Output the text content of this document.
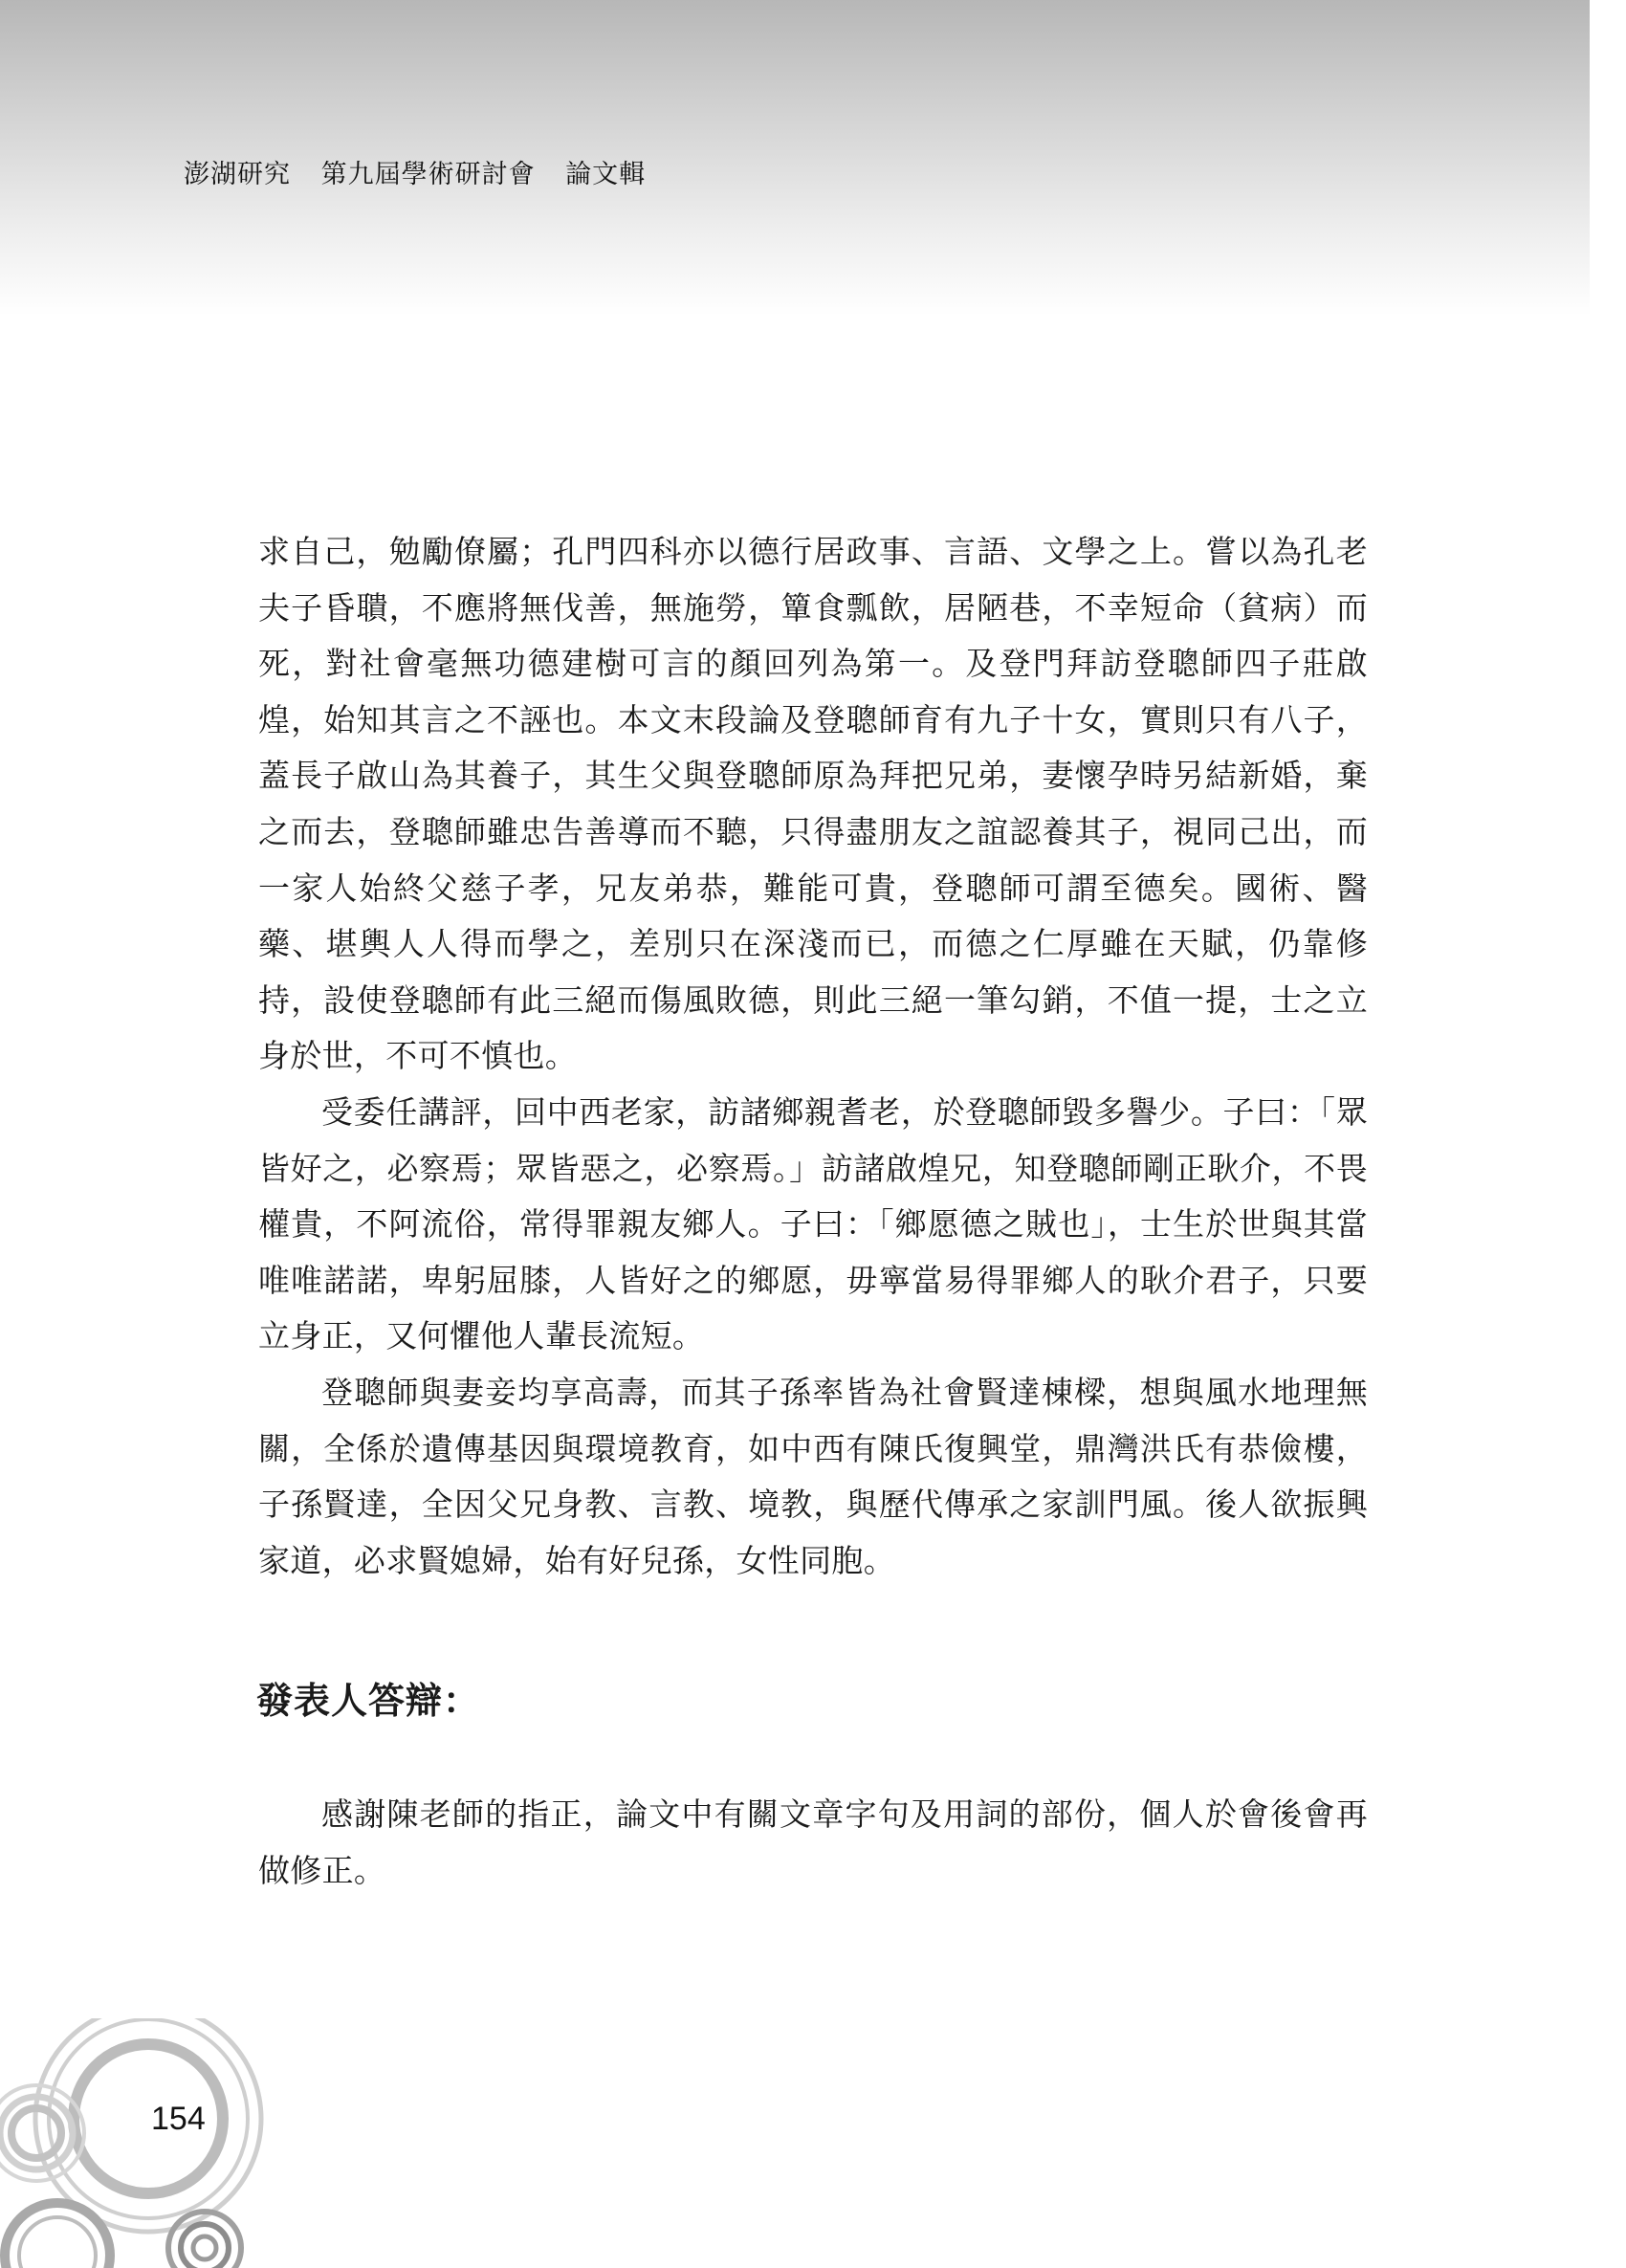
澎湖研究 第九屆學術研討會 論文輯

求自己，勉勵僚屬；孔門四科亦以德行居政事、言語、文學之上。嘗以為孔老夫子昏聵，不應將無伐善，無施勞，簞食瓢飲，居陋巷，不幸短命（貧病）而死，對社會毫無功德建樹可言的顏回列為第一。及登門拜訪登聰師四子莊啟煌，始知其言之不誣也。本文末段論及登聰師育有九子十女，實則只有八子，蓋長子啟山為其養子，其生父與登聰師原為拜把兄弟，妻懷孕時另結新婚，棄之而去，登聰師雖忠告善導而不聽，只得盡朋友之誼認養其子，視同己出，而一家人始終父慈子孝，兄友弟恭，難能可貴，登聰師可謂至德矣。國術、醫藥、堪輿人人得而學之，差別只在深淺而已，而德之仁厚雖在天賦，仍靠修持，設使登聰師有此三絕而傷風敗德，則此三絕一筆勾銷，不值一提，士之立身於世，不可不慎也。

受委任講評，回中西老家，訪諸鄉親耆老，於登聰師毀多譽少。子曰：「眾皆好之，必察焉；眾皆惡之，必察焉。」訪諸啟煌兄，知登聰師剛正耿介，不畏權貴，不阿流俗，常得罪親友鄉人。子曰：「鄉愿德之賊也」，士生於世與其當唯唯諾諾，卑躬屈膝，人皆好之的鄉愿，毋寧當易得罪鄉人的耿介君子，只要立身正，又何懼他人輩長流短。

登聰師與妻妾均享高壽，而其子孫率皆為社會賢達棟樑，想與風水地理無關，全係於遺傳基因與環境教育，如中西有陳氏復興堂，鼎灣洪氏有恭儉樓，子孫賢達，全因父兄身教、言教、境教，與歷代傳承之家訓門風。後人欲振興家道，必求賢媳婦，始有好兒孫，女性同胞。

發表人答辯：

感謝陳老師的指正，論文中有關文章字句及用詞的部份，個人於會後會再做修正。

154
